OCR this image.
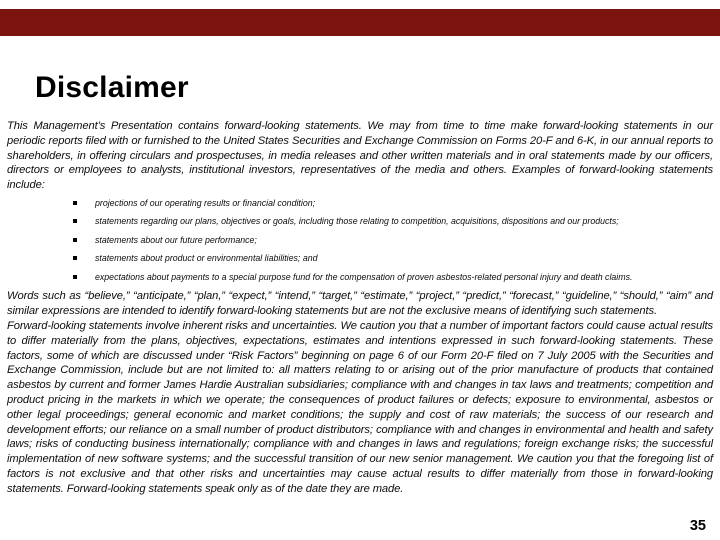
Disclaimer

This Management’s Presentation contains forward-looking statements. We may from time to time make forward-looking statements in our periodic reports filed with or furnished to the United States Securities and Exchange Commission on Forms 20-F and 6-K, in our annual reports to shareholders, in offering circulars and prospectuses, in media releases and other written materials and in oral statements made by our officers, directors or employees to analysts, institutional investors, representatives of the media and others. Examples of forward-looking statements include:

projections of our operating results or financial condition;
statements regarding our plans, objectives or goals, including those relating to competition, acquisitions, dispositions and our products;
statements about our future performance;
statements about product or environmental liabilities; and
expectations about payments to a special purpose fund for the compensation of proven asbestos-related personal injury and death claims.

Words such as “believe,” “anticipate,” “plan,” “expect,” “intend,” “target,” “estimate,” “project,” “predict,” “forecast,” “guideline,” “should,” “aim” and similar expressions are intended to identify forward-looking statements but are not the exclusive means of identifying such statements.

Forward-looking statements involve inherent risks and uncertainties. We caution you that a number of important factors could cause actual results to differ materially from the plans, objectives, expectations, estimates and intentions expressed in such forward-looking statements. These factors, some of which are discussed under “Risk Factors” beginning on page 6 of our Form 20-F filed on 7 July 2005 with the Securities and Exchange Commission, include but are not limited to: all matters relating to or arising out of the prior manufacture of products that contained asbestos by current and former James Hardie Australian subsidiaries; compliance with and changes in tax laws and treatments; competition and product pricing in the markets in which we operate; the consequences of product failures or defects; exposure to environmental, asbestos or other legal proceedings; general economic and market conditions; the supply and cost of raw materials; the success of our research and development efforts; our reliance on a small number of product distributors; compliance with and changes in environmental and health and safety laws; risks of conducting business internationally; compliance with and changes in laws and regulations; foreign exchange risks; the successful implementation of new software systems; and the successful transition of our new senior management. We caution you that the foregoing list of factors is not exclusive and that other risks and uncertainties may cause actual results to differ materially from those in forward-looking statements. Forward-looking statements speak only as of the date they are made.

35
